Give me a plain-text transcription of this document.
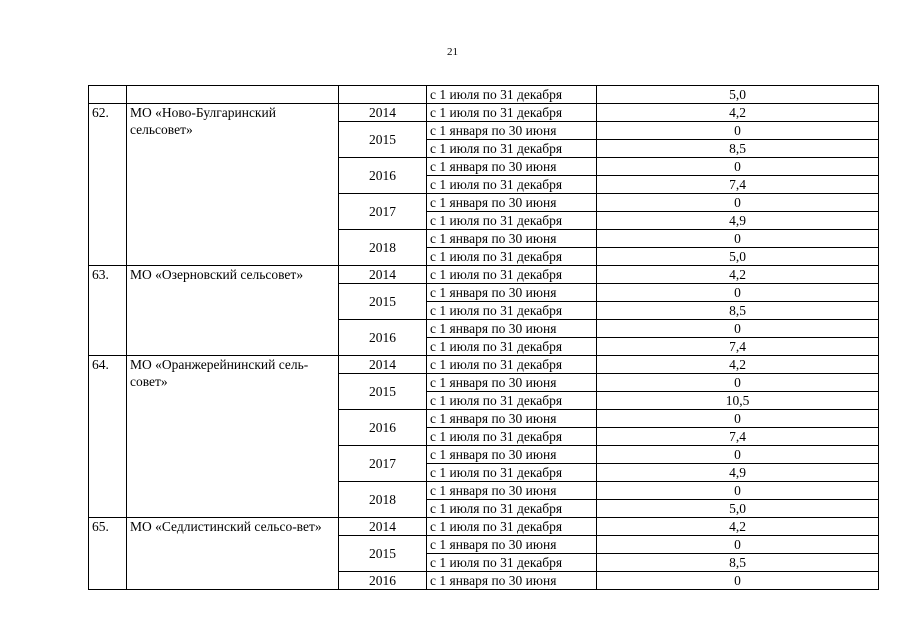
21
			с 1 июля по 31 декабря	5,0
62.	МО «Ново-Булгаринский сельсовет»	2014	с 1 июля по 31 декабря	4,2
		2015	с 1 января по 30 июня	0
			с 1 июля по 31 декабря	8,5
		2016	с 1 января по 30 июня	0
			с 1 июля по 31 декабря	7,4
		2017	с 1 января по 30 июня	0
			с 1 июля по 31 декабря	4,9
		2018	с 1 января по 30 июня	0
			с 1 июля по 31 декабря	5,0
63.	МО «Озерновский сельсовет»	2014	с 1 июля по 31 декабря	4,2
		2015	с 1 января по 30 июня	0
			с 1 июля по 31 декабря	8,5
		2016	с 1 января по 30 июня	0
			с 1 июля по 31 декабря	7,4
64.	МО «Оранжерейнинский сель-совет»	2014	с 1 июля по 31 декабря	4,2
		2015	с 1 января по 30 июня	0
			с 1 июля по 31 декабря	10,5
		2016	с 1 января по 30 июня	0
			с 1 июля по 31 декабря	7,4
		2017	с 1 января по 30 июня	0
			с 1 июля по 31 декабря	4,9
		2018	с 1 января по 30 июня	0
			с 1 июля по 31 декабря	5,0
65.	МО «Седлистинский сельсо-вет»	2014	с 1 июля по 31 декабря	4,2
		2015	с 1 января по 30 июня	0
			с 1 июля по 31 декабря	8,5
		2016	с 1 января по 30 июня	0
